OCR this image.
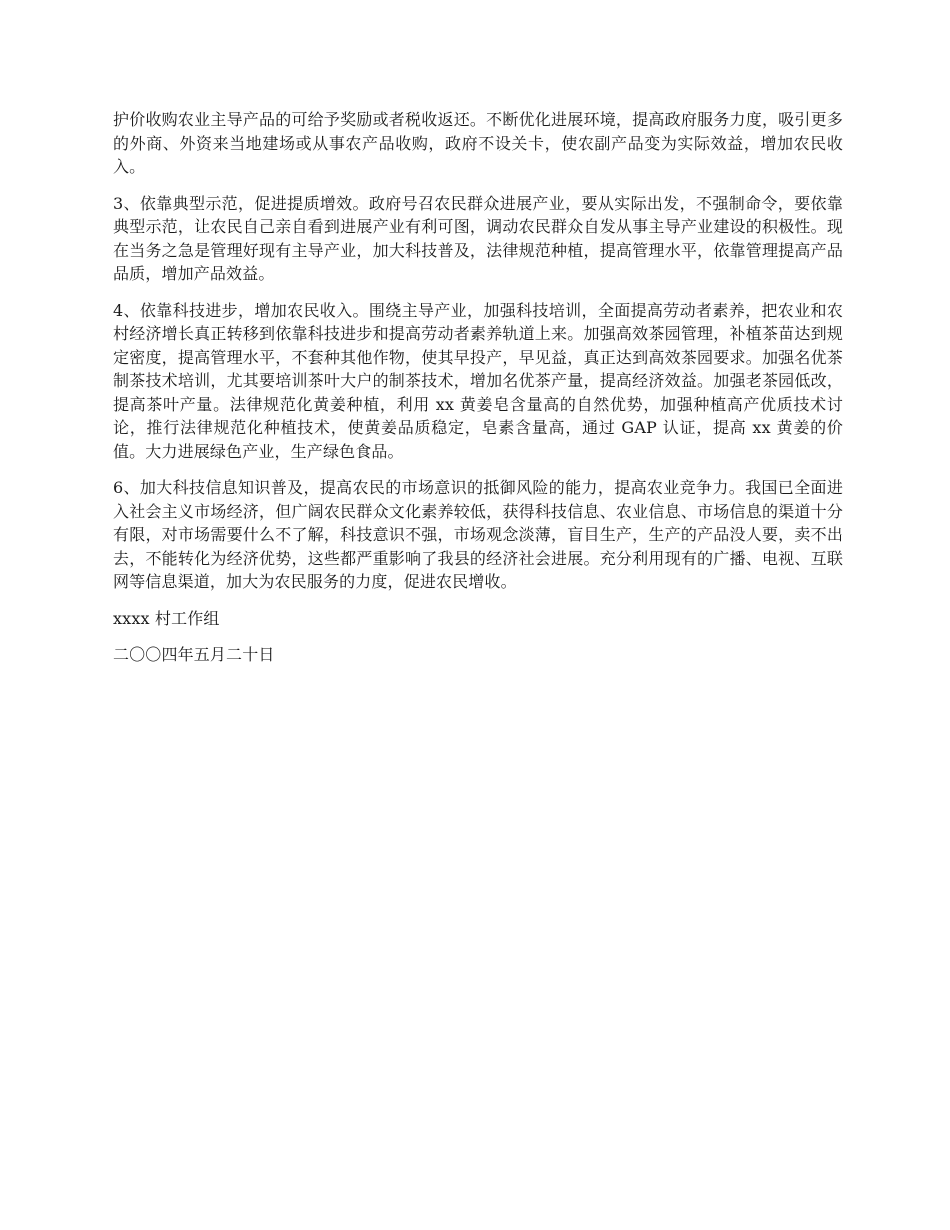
护价收购农业主导产品的可给予奖励或者税收返还。不断优化进展环境，提高政府服务力度，吸引更多的外商、外资来当地建场或从事农产品收购，政府不设关卡，使农副产品变为实际效益，增加农民收入。

3、依靠典型示范，促进提质增效。政府号召农民群众进展产业，要从实际出发，不强制命令，要依靠典型示范，让农民自己亲自看到进展产业有利可图，调动农民群众自发从事主导产业建设的积极性。现在当务之急是管理好现有主导产业，加大科技普及，法律规范种植，提高管理水平，依靠管理提高产品品质，增加产品效益。

4、依靠科技进步，增加农民收入。围绕主导产业，加强科技培训，全面提高劳动者素养，把农业和农村经济增长真正转移到依靠科技进步和提高劳动者素养轨道上来。加强高效茶园管理，补植茶苗达到规定密度，提高管理水平，不套种其他作物，使其早投产，早见益，真正达到高效茶园要求。加强名优茶制茶技术培训，尤其要培训茶叶大户的制茶技术，增加名优茶产量，提高经济效益。加强老茶园低改，提高茶叶产量。法律规范化黄姜种植，利用 xx 黄姜皂含量高的自然优势，加强种植高产优质技术讨论，推行法律规范化种植技术，使黄姜品质稳定，皂素含量高，通过 GAP 认证，提高 xx 黄姜的价值。大力进展绿色产业，生产绿色食品。

6、加大科技信息知识普及，提高农民的市场意识的抵御风险的能力，提高农业竞争力。我国已全面进入社会主义市场经济，但广阔农民群众文化素养较低，获得科技信息、农业信息、市场信息的渠道十分有限，对市场需要什么不了解，科技意识不强，市场观念淡薄，盲目生产，生产的产品没人要，卖不出去，不能转化为经济优势，这些都严重影响了我县的经济社会进展。充分利用现有的广播、电视、互联网等信息渠道，加大为农民服务的力度，促进农民增收。

xxxx 村工作组

二〇〇四年五月二十日
